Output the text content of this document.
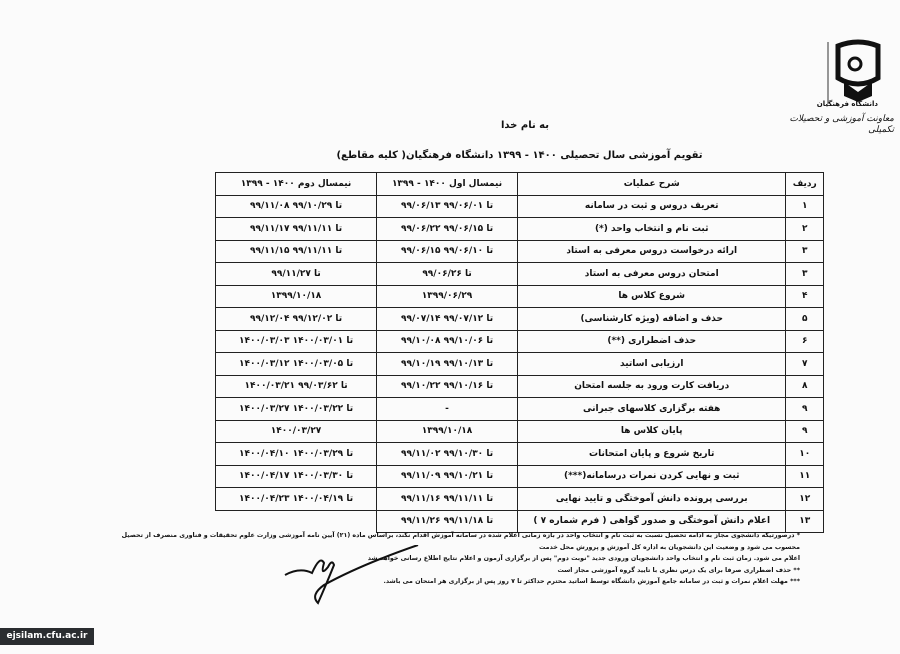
دانشگاه فرهنگیان
معاونت آموزشی و تحصیلات تکمیلی
به نام خدا
تقویم آموزشی سال تحصیلی ۱۴۰۰ - ۱۳۹۹ دانشگاه فرهنگیان( کلیه مقاطع)
نیمسال دوم ۱۴۰۰ - ۱۳۹۹	نیمسال اول ۱۴۰۰ - ۱۳۹۹	شرح عملیات	ردیف
۹۹/۱۱/۰۸ تا ۹۹/۱۰/۲۹	۹۹/۰۶/۱۳ تا ۹۹/۰۶/۰۱	تعریف دروس و ثبت در سامانه	۱
۹۹/۱۱/۱۷ تا ۹۹/۱۱/۱۱	۹۹/۰۶/۲۲ تا ۹۹/۰۶/۱۵	ثبت نام و انتخاب واحد (*)	۲
۹۹/۱۱/۱۵ تا ۹۹/۱۱/۱۱	۹۹/۰۶/۱۵ تا ۹۹/۰۶/۱۰	ارائه درخواست دروس معرفی به استاد	۳
۹۹/۱۱/۲۷ تا	۹۹/۰۶/۲۶ تا	امتحان دروس معرفی به استاد	۳
۱۳۹۹/۱۰/۱۸	۱۳۹۹/۰۶/۲۹	شروع کلاس ها	۴
۹۹/۱۲/۰۴ تا ۹۹/۱۲/۰۲	۹۹/۰۷/۱۴ تا ۹۹/۰۷/۱۲	حذف و اضافه (ویژه کارشناسی)	۵
۱۴۰۰/۰۳/۰۳ تا ۱۴۰۰/۰۳/۰۱	۹۹/۱۰/۰۸ تا ۹۹/۱۰/۰۶	حذف اضطراری (**)	۶
۱۴۰۰/۰۳/۱۲ تا ۱۴۰۰/۰۳/۰۵	۹۹/۱۰/۱۹ تا ۹۹/۱۰/۱۳	ارزیابی اساتید	۷
۱۴۰۰/۰۳/۲۱ تا ۹۹/۰۳/۶۲	۹۹/۱۰/۲۲ تا ۹۹/۱۰/۱۶	دریافت کارت ورود به جلسه امتحان	۸
۱۴۰۰/۰۳/۲۷ تا ۱۴۰۰/۰۳/۲۲	-	هفته برگزاری کلاسهای جبرانی	۹
۱۴۰۰/۰۳/۲۷	۱۳۹۹/۱۰/۱۸	پایان کلاس ها	۹
۱۴۰۰/۰۴/۱۰ تا ۱۴۰۰/۰۳/۲۹	۹۹/۱۱/۰۲ تا ۹۹/۱۰/۳۰	تاریخ شروع و پایان امتحانات	۱۰
۱۴۰۰/۰۴/۱۷ تا ۱۴۰۰/۰۳/۳۰	۹۹/۱۱/۰۹ تا ۹۹/۱۰/۲۱	ثبت و نهایی کردن نمرات درسامانه(***)	۱۱
۱۴۰۰/۰۴/۲۳ تا ۱۴۰۰/۰۴/۱۹	۹۹/۱۱/۱۶ تا ۹۹/۱۱/۱۱	بررسی پرونده دانش آموختگی و تایید نهایی	۱۲
	۹۹/۱۱/۲۶ تا ۹۹/۱۱/۱۸	اعلام دانش آموختگی و صدور گواهی ( فرم شماره ۷ )	۱۳
* درصورتیکه دانشجوی مجاز به ادامه تحصیل نسبت به ثبت نام و انتخاب واحد در بازه زمانی اعلام شده در سامانه آموزش اقدام نکند، براساس ماده (۲۱) آیین نامه آموزشی وزارت علوم تحقیقات و فناوری منصرف از تحصیل محسوب می شود و وضعیت این دانشجویان به اداره کل آموزش و پرورش محل خدمت
اعلام می شود. زمان ثبت نام و انتخاب واحد دانشجویان ورودی جدید "نوبت دوم" پس از برگزاری آزمون و اعلام نتایج اطلاع رسانی خواهد شد
** حذف اضطراری صرفا برای یک درس نظری با تایید گروه آموزشی مجاز است
*** مهلت اعلام نمرات و ثبت در سامانه جامع آموزش دانشگاه توسط اساتید محترم حداکثر تا ۷ روز پس از برگزاری هر امتحان می باشد.
ejsilam.cfu.ac.ir
